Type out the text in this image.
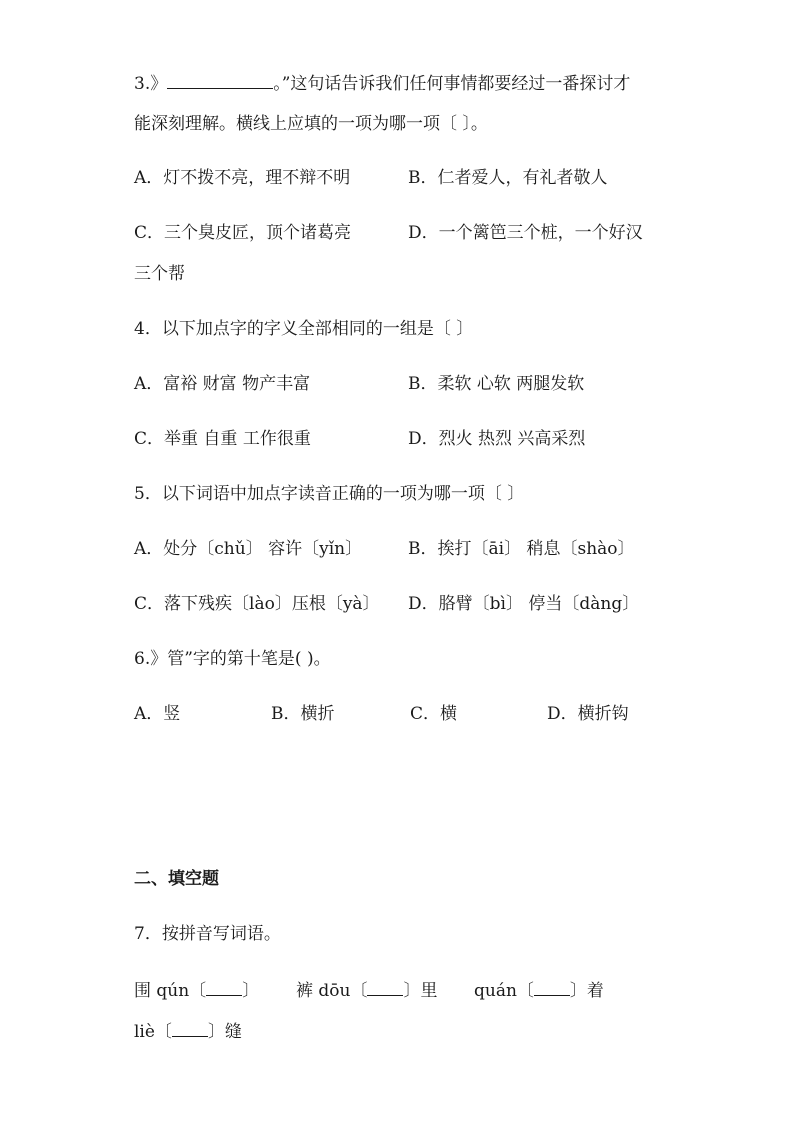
3.》	。”这句话告诉我们任何事情都要经过一番探讨才
能深刻理解。横线上应填的一项为哪一项〔 〕。
A．灯不拨不亮，理不辩不明	B．仁者爱人，有礼者敬人
C．三个臭皮匠，顶个诸葛亮	D．一个篱笆三个桩，一个好汉
三个帮
4．以下加点字的字义全部相同的一组是〔 〕
A．富裕 财富 物产丰富	B．柔软 心软 两腿发软
C．举重 自重 工作很重	D．烈火 热烈 兴高采烈
5．以下词语中加点字读音正确的一项为哪一项〔 〕
A．处分〔chǔ〕 容许〔yǐn〕	B．挨打〔āi〕 稍息〔shào〕
C．落下残疾〔lào〕压根〔yà〕 D．胳臂〔bì〕 停当〔dàng〕
6.》管”字的第十笔是( )。
A．竖	B．横折	C．横	D．横折钩
二、填空题
7．按拼音写词语。
围 qún〔 〕 裤 dōu〔 〕里 quán〔 〕着
liè〔 〕缝
